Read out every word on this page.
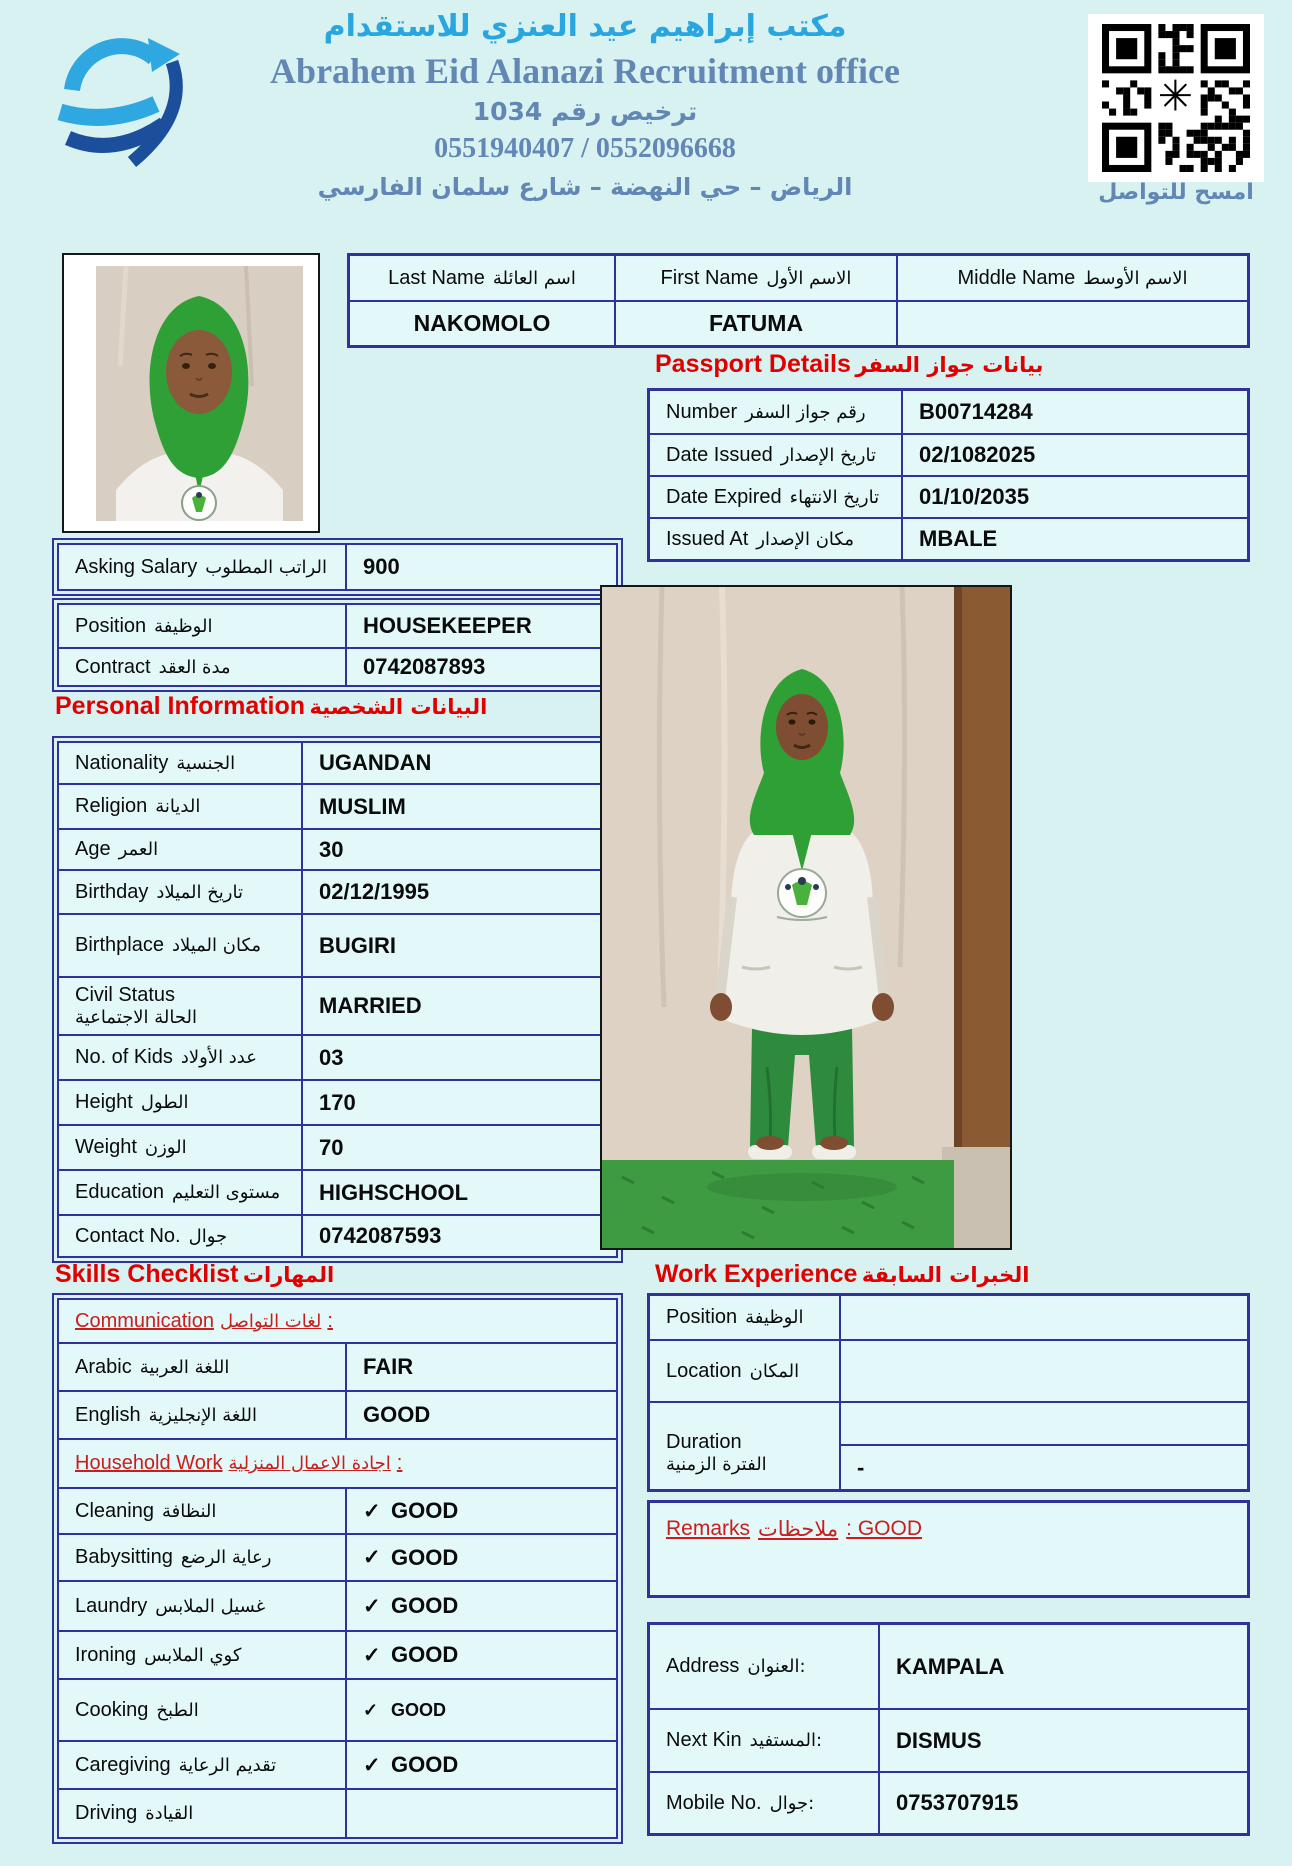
مكتب إبراهيم عيد العنزي للاستقدام
Abrahem Eid Alanazi Recruitment office
ترخيص رقم 1034
0551940407 / 0552096668
الرياض – حي النهضة – شارع سلمان الفارسي
✳
امسح للتواصل
Last Name اسم العائلة	First Name الاسم الأول	Middle Name الاسم الأوسط
NAKOMOLO	FATUMA
Passport Details بيانات جواز السفر
Number رقم جواز السفر	B00714284
Date Issued تاريخ الإصدار	02/1082025
Date Expired تاريخ الانتهاء	01/10/2035
Issued At مكان الإصدار	MBALE
Asking Salary الراتب المطلوب	900
Position الوظيفة	HOUSEKEEPER
Contract مدة العقد	0742087893
Personal Information البيانات الشخصية
Nationality الجنسية	UGANDAN
Religion الديانة	MUSLIM
Age العمر	30
Birthday تاريخ الميلاد	02/12/1995
Birthplace مكان الميلاد	BUGIRI
Civil Status
الحالة الاجتماعية	MARRIED
No. of Kids عدد الأولاد	03
Height الطول	170
Weight الوزن	70
Education مستوى التعليم	HIGHSCHOOL
Contact No. جوال	0742087593
Skills Checklist المهارات
Communication لغات التواصل :
Arabic اللغة العربية	FAIR
English اللغة الإنجليزية	GOOD
Household Work اجادة الاعمال المنزلية :
Cleaning النظافة	✓ GOOD
Babysitting رعاية الرضع	✓ GOOD
Laundry غسيل الملابس	✓ GOOD
Ironing كوي الملابس	✓ GOOD
Cooking الطبخ	✓ GOOD
Caregiving تقديم الرعاية	✓ GOOD
Driving القيادة
Work Experience الخبرات السابقة
Position الوظيفة
Location المكان
Duration
الفترة الزمنية	-
Remarks ملاحظات : GOOD
Address العنوان:	KAMPALA
Next Kin المستفيد:	DISMUS
Mobile No. جوال:	0753707915
